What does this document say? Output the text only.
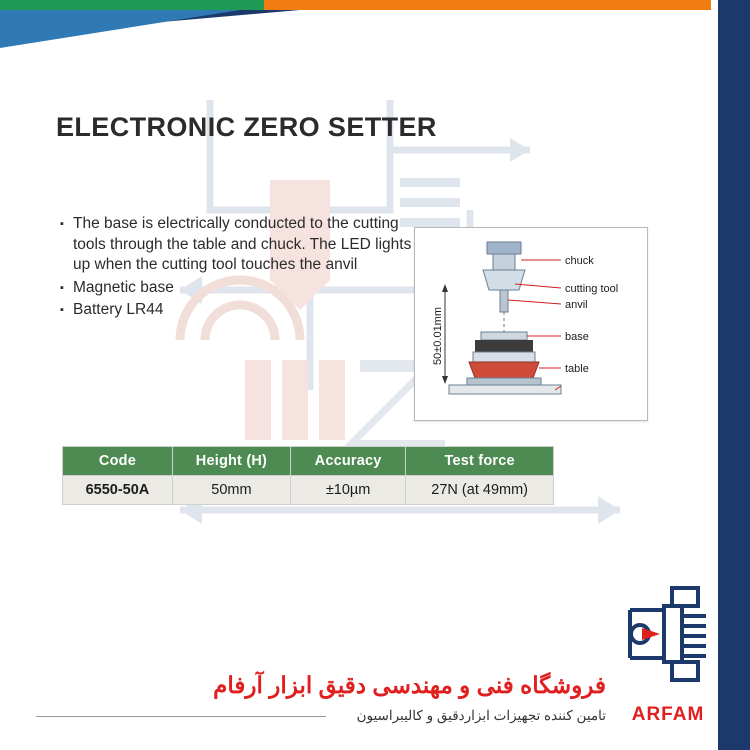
ELECTRONIC ZERO SETTER
▪ The base is electrically conducted to the cutting tools through the table and chuck. The LED lights up when the cutting tool touches the anvil
▪ Magnetic base
▪ Battery LR44	50±0.01mm
chuck
cutting tool
anvil
base
table
Code	Height (H)	Accuracy	Test force
6550-50A	50mm	±10µm	27N (at 49mm)
فروشگاه فنی و مهندسی دقیق ابزار آرفام
تامین کننده تجهیزات ابزاردقیق و کالیبراسیون	ARFAM
